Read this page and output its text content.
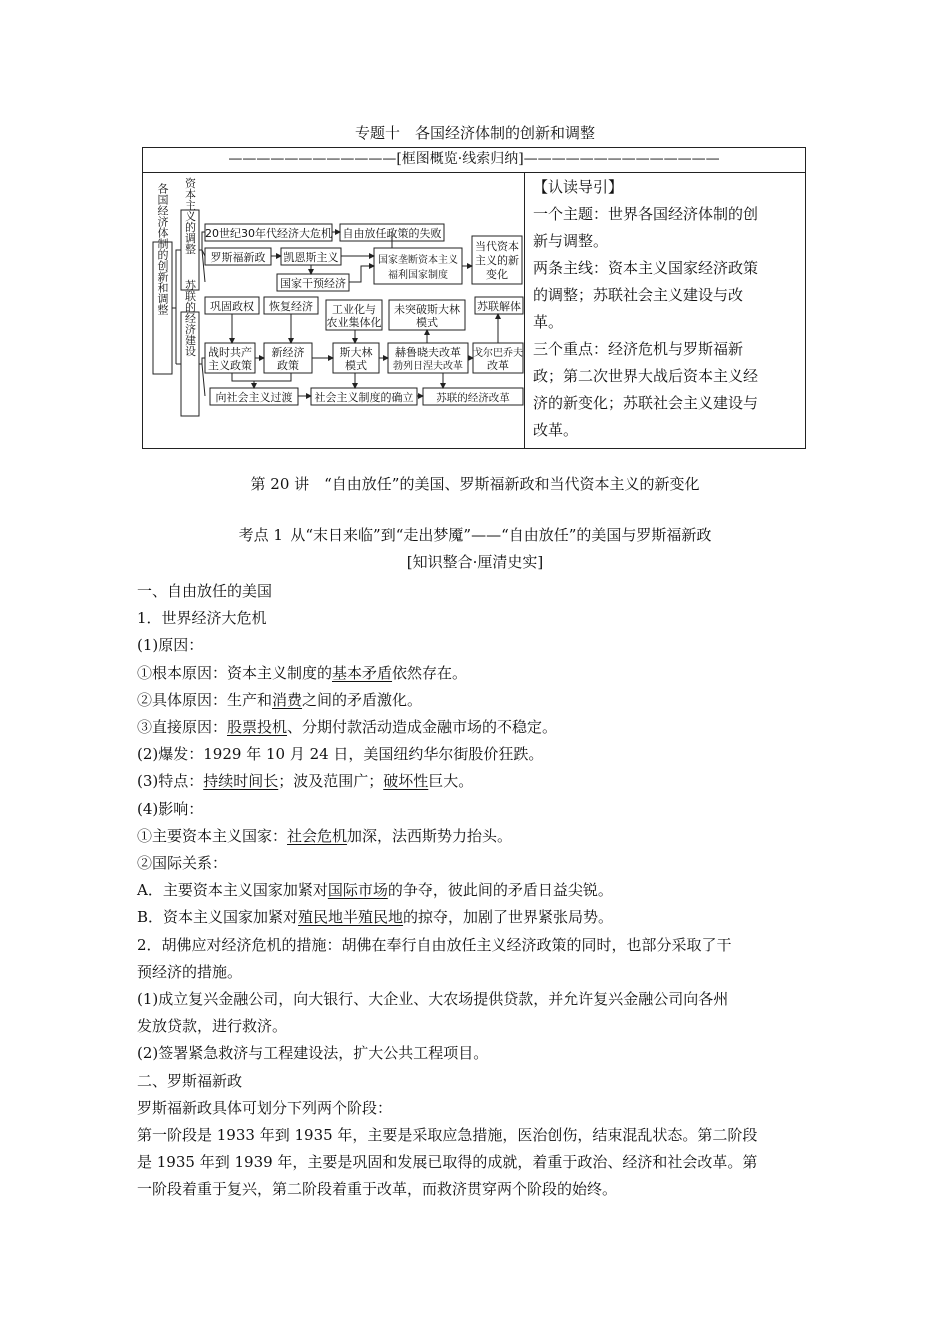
专题十　各国经济体制的创新和调整
————————————[框图概览·线索归纳]——————————————
各国经济体制的创新和调整 资本主义的调整
苏联的经济建设
20世纪30年代经济大危机 自由放任政策的失败
罗斯福新政 凯恩斯主义
国家干预经济
国家垄断资本主义
福利国家制度
当代资本
主义的新
变化
巩固政权 恢复经济 工业化与
农业集体化
未突破斯大林
模式
苏联解体
战时共产
主义政策
新经济
政策
斯大林
模式
赫鲁晓夫改革
勃列日涅夫改革
戈尔巴乔夫
改革
向社会主义过渡 社会主义制度的确立 苏联的经济改革

【认读导引】

一个主题：世界各国经济体制的创

新与调整。

两条主线：资本主义国家经济政策

的调整；苏联社会主义建设与改

革。

三个重点：经济危机与罗斯福新

政；第二次世界大战后资本主义经

济的新变化；苏联社会主义建设与

改革。

第 20 讲　“自由放任”的美国、罗斯福新政和当代资本主义的新变化
考点 1 从“末日来临”到“走出梦魇”——“自由放任”的美国与罗斯福新政
[知识整合·厘清史实]

一、自由放任的美国

1．世界经济大危机

(1)原因：

①根本原因：资本主义制度的基本矛盾依然存在。

②具体原因：生产和消费之间的矛盾激化。

③直接原因：股票投机、分期付款活动造成金融市场的不稳定。

(2)爆发：1929 年 10 月 24 日，美国纽约华尔街股价狂跌。

(3)特点：持续时间长；波及范围广；破坏性巨大。

(4)影响：

①主要资本主义国家：社会危机加深，法西斯势力抬头。

②国际关系：

A．主要资本主义国家加紧对国际市场的争夺，彼此间的矛盾日益尖锐。

B．资本主义国家加紧对殖民地半殖民地的掠夺，加剧了世界紧张局势。

2．胡佛应对经济危机的措施：胡佛在奉行自由放任主义经济政策的同时，也部分采取了干

预经济的措施。

(1)成立复兴金融公司，向大银行、大企业、大农场提供贷款，并允许复兴金融公司向各州

发放贷款，进行救济。

(2)签署紧急救济与工程建设法，扩大公共工程项目。

二、罗斯福新政

罗斯福新政具体可划分下列两个阶段：

第一阶段是 1933 年到 1935 年，主要是采取应急措施，医治创伤，结束混乱状态。第二阶段

是 1935 年到 1939 年，主要是巩固和发展已取得的成就，着重于政治、经济和社会改革。第

一阶段着重于复兴，第二阶段着重于改革，而救济贯穿两个阶段的始终。
